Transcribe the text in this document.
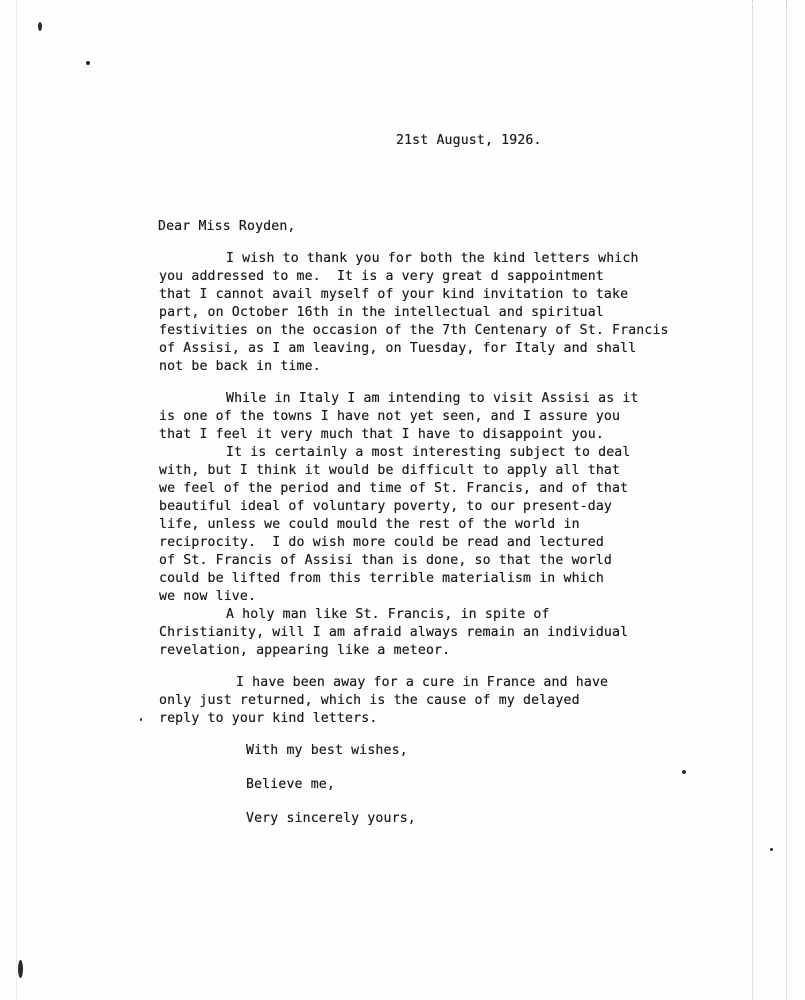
21st August, 1926.
Dear Miss Royden,
I wish to thank you for both the kind letters which
you addressed to me.  It is a very great d sappointment
that I cannot avail myself of your kind invitation to take
part, on October 16th in the intellectual and spiritual
festivities on the occasion of the 7th Centenary of St. Francis
of Assisi, as I am leaving, on Tuesday, for Italy and shall
not be back in time.
While in Italy I am intending to visit Assisi as it
is one of the towns I have not yet seen, and I assure you
that I feel it very much that I have to disappoint you.
It is certainly a most interesting subject to deal
with, but I think it would be difficult to apply all that
we feel of the period and time of St. Francis, and of that
beautiful ideal of voluntary poverty, to our present-day
life, unless we could mould the rest of the world in
reciprocity.  I do wish more could be read and lectured
of St. Francis of Assisi than is done, so that the world
could be lifted from this terrible materialism in which
we now live.
A holy man like St. Francis, in spite of
Christianity, will I am afraid always remain an individual
revelation, appearing like a meteor.
I have been away for a cure in France and have
only just returned, which is the cause of my delayed
reply to your kind letters.
With my best wishes,
Believe me,
Very sincerely yours,
